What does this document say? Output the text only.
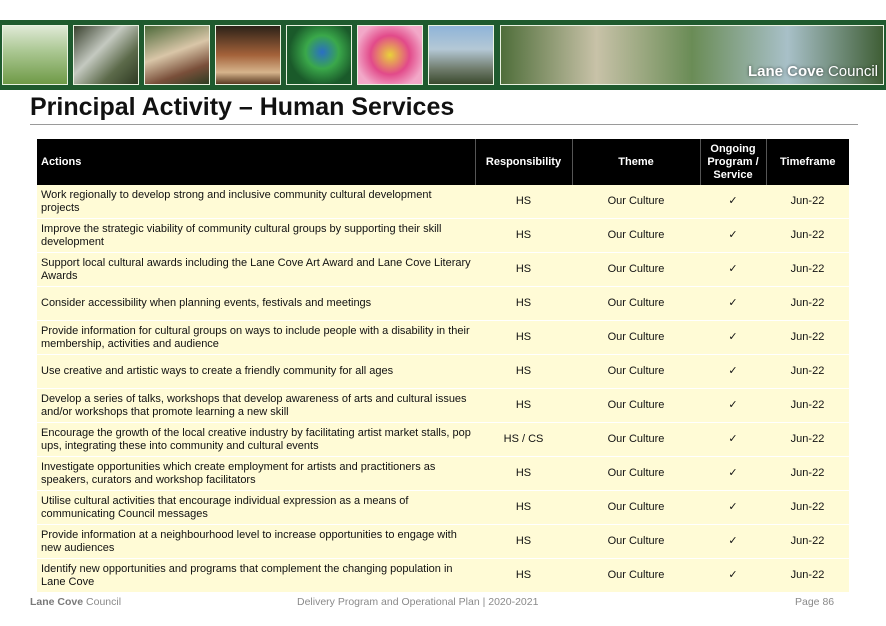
Lane Cove Council
Principal Activity – Human Services
Actions	Responsibility	Theme	Ongoing Program / Service	Timeframe
Work regionally to develop strong and inclusive community cultural development projects	HS	Our Culture	✓	Jun-22
Improve the strategic viability of community cultural groups by supporting their skill development	HS	Our Culture	✓	Jun-22
Support local cultural awards including the Lane Cove Art Award and Lane Cove Literary Awards	HS	Our Culture	✓	Jun-22
Consider accessibility when planning events, festivals and meetings	HS	Our Culture	✓	Jun-22
Provide information for cultural groups on ways to include people with a disability in their membership, activities and audience	HS	Our Culture	✓	Jun-22
Use creative and artistic ways to create a friendly community for all ages	HS	Our Culture	✓	Jun-22
Develop a series of talks, workshops that develop awareness of arts and cultural issues and/or workshops that promote learning a new skill	HS	Our Culture	✓	Jun-22
Encourage the growth of the local creative industry by facilitating artist market stalls, pop ups, integrating these into community and cultural events	HS / CS	Our Culture	✓	Jun-22
Investigate opportunities which create employment for artists and practitioners as speakers, curators and workshop facilitators	HS	Our Culture	✓	Jun-22
Utilise cultural activities that encourage individual expression as a means of communicating Council messages	HS	Our Culture	✓	Jun-22
Provide information at a neighbourhood level to increase opportunities to engage with new audiences	HS	Our Culture	✓	Jun-22
Identify new opportunities and programs that complement the changing population in Lane Cove	HS	Our Culture	✓	Jun-22
Lane Cove Council	Delivery Program and Operational Plan | 2020-2021	Page 86
